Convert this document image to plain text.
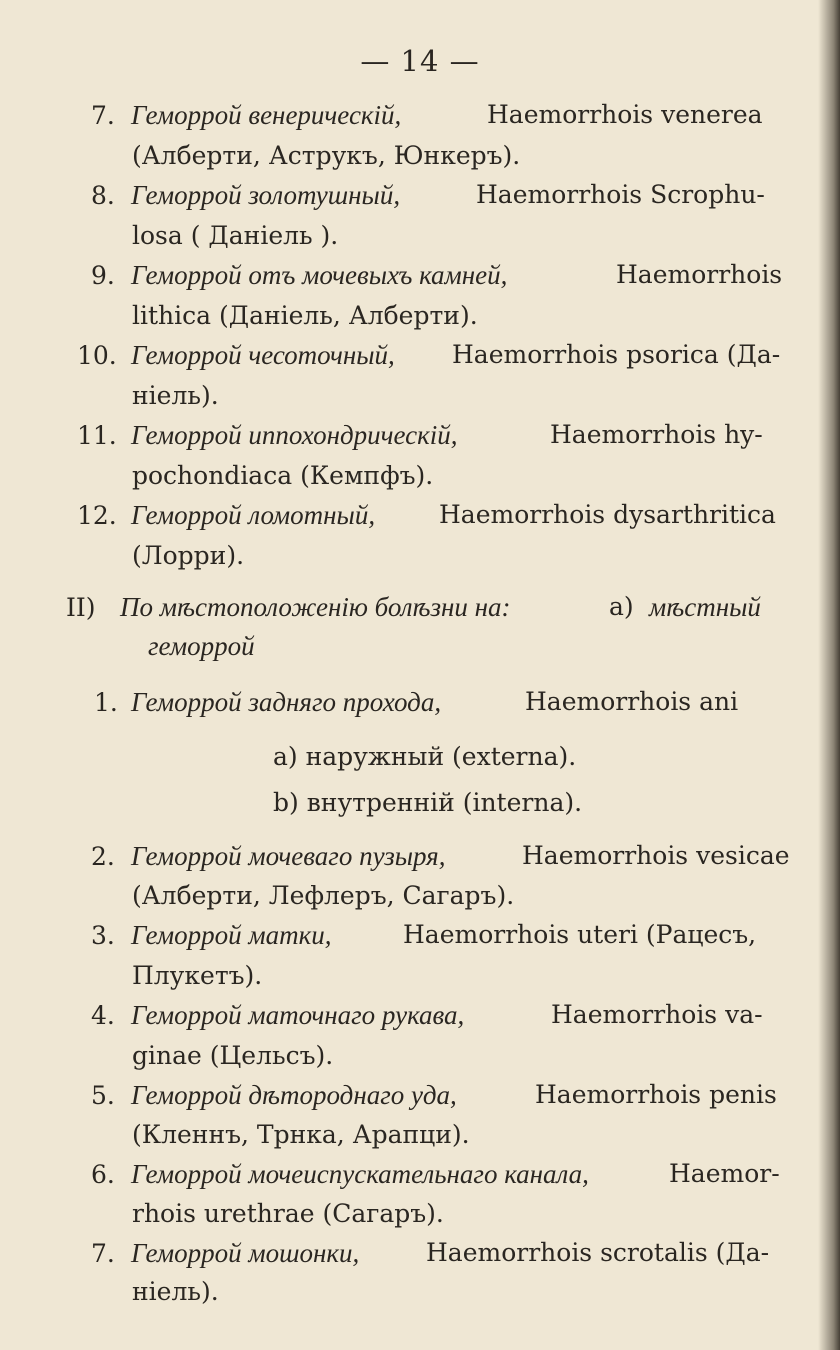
— 14 —
7. Геморрой венерическій,	Haemorrhois venerea
(Алберти, Аструкъ, Юнкеръ).
8. Геморрой золотушный,	Haemorrhois Scrophu-
losa ( Даніель ).
9. Геморрой отъ мочевыхъ камней,	Haemorrhois
lithica (Даніель, Алберти).
10. Геморрой чесоточный, Haemorrhois psorica (Да-
ніель).
11. Геморрой иппохондрическій,	Haemorrhois hy-
pochondiaca (Кемпфъ).
12. Геморрой ломотный,	Haemorrhois dysarthritica
(Лорри).
II) По мѣстоположенію болѣзни на:	a) мѣстный
геморрой
1. Геморрой задняго прохода,	Haemorrhois ani
a) наружный (externa).
b) внутренній (interna).
2. Геморрой мочеваго пузыря,	Haemorrhois vesicae
(Алберти, Лефлеръ, Сагаръ).
3. Геморрой матки,	Haemorrhois uteri (Рацесъ,
Плукетъ).
4. Геморрой маточнаго рукава,	Haemorrhois va-
ginae (Цельсъ).
5. Геморрой дѣтороднаго уда,	Haemorrhois penis
(Кленнъ, Трнка, Арапци).
6. Геморрой мочеиспускательнаго канала,	Haemor-
rhois urethrae (Сагаръ).
7. Геморрой мошонки,	Haemorrhois scrotalis (Да-
ніель).
